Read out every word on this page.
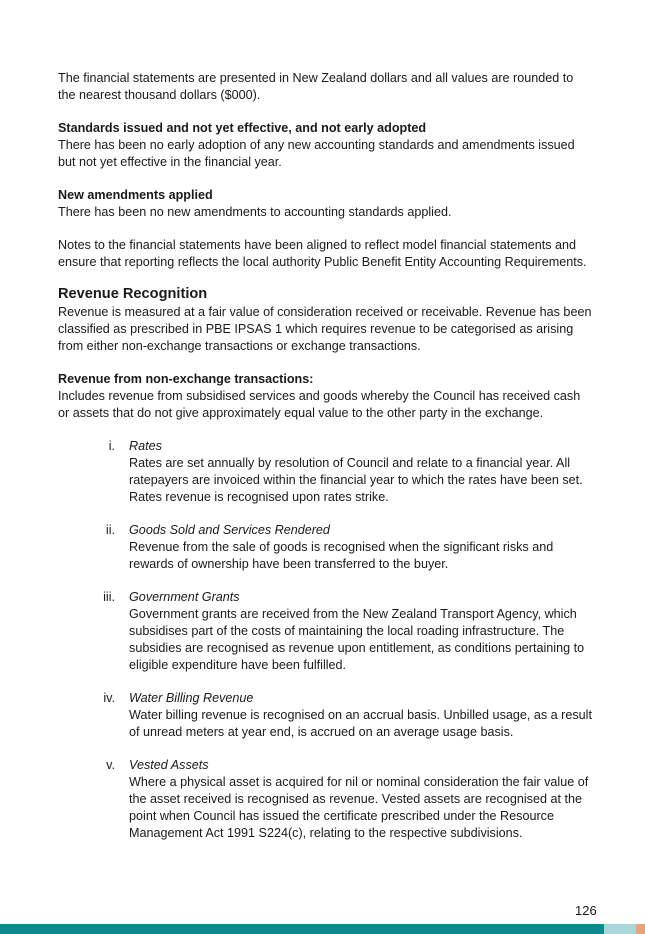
The financial statements are presented in New Zealand dollars and all values are rounded to the nearest thousand dollars ($000).

Standards issued and not yet effective, and not early adopted

There has been no early adoption of any new accounting standards and amendments issued but not yet effective in the financial year.

New amendments applied

There has been no new amendments to accounting standards applied.

Notes to the financial statements have been aligned to reflect model financial statements and ensure that reporting reflects the local authority Public Benefit Entity Accounting Requirements.

Revenue Recognition

Revenue is measured at a fair value of consideration received or receivable. Revenue has been classified as prescribed in PBE IPSAS 1 which requires revenue to be categorised as arising from either non-exchange transactions or exchange transactions.

Revenue from non-exchange transactions:

Includes revenue from subsidised services and goods whereby the Council has received cash or assets that do not give approximately equal value to the other party in the exchange.

i. Rates

Rates are set annually by resolution of Council and relate to a financial year. All ratepayers are invoiced within the financial year to which the rates have been set. Rates revenue is recognised upon rates strike.

ii. Goods Sold and Services Rendered

Revenue from the sale of goods is recognised when the significant risks and rewards of ownership have been transferred to the buyer.

iii. Government Grants

Government grants are received from the New Zealand Transport Agency, which subsidises part of the costs of maintaining the local roading infrastructure. The subsidies are recognised as revenue upon entitlement, as conditions pertaining to eligible expenditure have been fulfilled.

iv. Water Billing Revenue

Water billing revenue is recognised on an accrual basis. Unbilled usage, as a result of unread meters at year end, is accrued on an average usage basis.

v. Vested Assets

Where a physical asset is acquired for nil or nominal consideration the fair value of the asset received is recognised as revenue. Vested assets are recognised at the point when Council has issued the certificate prescribed under the Resource Management Act 1991 S224(c), relating to the respective subdivisions.

126
